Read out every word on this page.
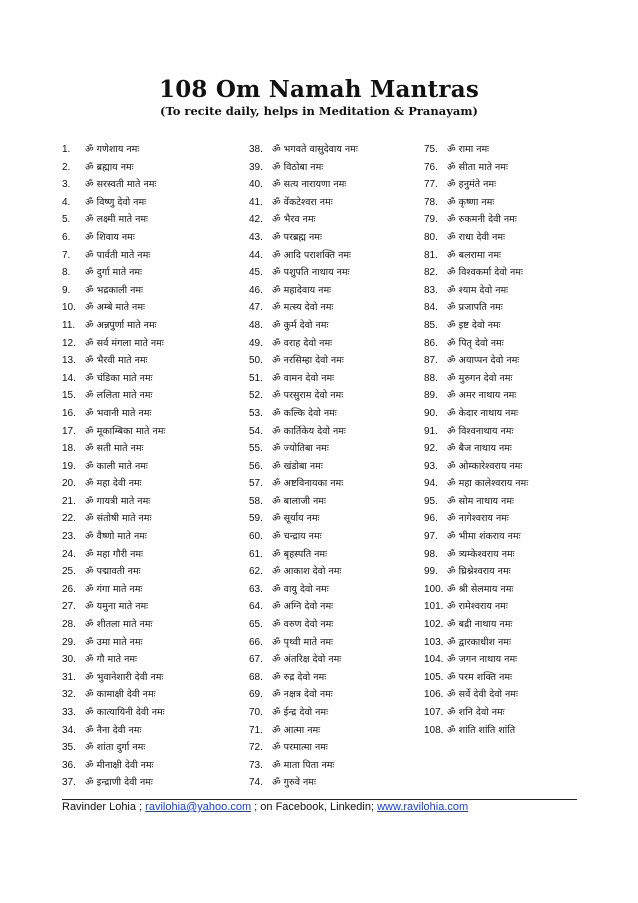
108 Om Namah Mantras
(To recite daily, helps in Meditation & Pranayam)
1.	ॐ गणेशाय नमः
2.	ॐ ब्रह्माय नमः
3.	ॐ सरस्वती माते नमः
4.	ॐ विष्णु देवो नमः
5.	ॐ लक्ष्मी माते नमः
6.	ॐ शिवाय नमः
7.	ॐ पार्वती माते नमः
8.	ॐ दुर्गा माते नमः
9.	ॐ भद्रकाली नमः
10. ॐ अम्बे माते नमः
11.	ॐ अन्नपुर्णा माते नमः
12. ॐ सर्व मंगला माते नमः
13. ॐ भैरवी माते नमः
14. ॐ चंडिका माते नमः
15. ॐ ललिता माते नमः
16. ॐ भवानी माते नमः
17. ॐ मूकाम्बिका माते नमः
18. ॐ सती माते नमः
19. ॐ काली माते नमः
20. ॐ महा देवी नमः
21. ॐ गायत्री माते नमः
22. ॐ संतोषी माते नमः
23. ॐ वैष्णो माते नमः
24. ॐ महा गौरी नमः
25. ॐ पद्मावती नमः
26. ॐ गंगा माते नमः
27. ॐ यमुना माते नमः
28. ॐ शीतला माते नमः
29. ॐ उमा माते नमः
30. ॐ गौ माते नमः
31. ॐ भुवानेशारी देवी नमः
32. ॐ कामाक्षी देवी नमः
33. ॐ कात्यायिनी देवी नमः
34. ॐ नैना देवी नमः
35. ॐ शांता दुर्गा नमः
36. ॐ मीनाक्षी देवी नमः
37. ॐ इन्द्राणी देवी नमः
38. ॐ भगवते वासुदेवाय नमः
39. ॐ विठोबा नमः
40. ॐ सत्य नारायणा नमः
41. ॐ वेंकटेश्वरा नमः
42. ॐ भैरव नमः
43. ॐ परब्रह्म नमः
44. ॐ आदि पराशक्ति नमः
45. ॐ पशुपति नाथाय नमः
46. ॐ महादेवाय नमः
47. ॐ मत्स्य देवो नमः
48. ॐ कुर्म देवो नमः
49. ॐ वराह देवो नमः
50. ॐ नरसिम्हा देवो नमः
51. ॐ वामन देवो नमः
52. ॐ परसुराम देवो नमः
53. ॐ कल्कि देवो नमः
54. ॐ कार्तिकेय देवो नमः
55. ॐ ज्योतिबा नमः
56. ॐ खंडोबा नमः
57. ॐ अष्टविनायका नमः
58. ॐ बालाजी नमः
59. ॐ सूर्याय नमः
60. ॐ चन्द्राय नमः
61. ॐ बृहस्पति नमः
62. ॐ आकाश देवो नमः
63. ॐ वायु देवो नमः
64. ॐ अग्नि देवो नमः
65. ॐ वरुण देवो नमः
66. ॐ पृथ्वी माते नमः
67. ॐ अंतरिक्ष देवो नमः
68. ॐ रुद्र देवो नमः
69. ॐ नक्षत्र देवो नमः
70. ॐ ईन्द्र देवो नमः
71. ॐ आत्मा नमः
72. ॐ परमात्मा नमः
73. ॐ माता पिता नमः
74. ॐ गुरुवे नमः
75. ॐ रामा नमः
76. ॐ सीता माते नमः
77. ॐ हनुमंते नमः
78. ॐ कृष्णा नमः
79. ॐ रुकमनी देवी नमः
80. ॐ राधा देवी नमः
81. ॐ बलरामा नमः
82. ॐ विश्वकर्मा देवो नमः
83. ॐ श्याम देवो नमः
84. ॐ प्रजापति नमः
85. ॐ इष्ट देवो नमः
86. ॐ पितृ देवो नमः
87. ॐ अयाप्पन देवो नमः
88. ॐ मुरुगन देवो नमः
89. ॐ अमर नाथाय नमः
90. ॐ केदार नाथाय नमः
91. ॐ विश्वनाथाय नमः
92. ॐ बैज नाथाय नमः
93. ॐ ओम्कारेश्वराय नमः
94. ॐ महा कालेश्वराय नमः
95. ॐ सोम नाथाय नमः
96. ॐ नागेश्वराय नमः
97. ॐ भीमा शंकराय नमः
98. ॐ त्र्यम्केश्वराय नमः
99. ॐ घ्रिश्नेश्वराय नमः
100. ॐ श्री सेलमाय नमः
101. ॐ रामेश्वराय नमः
102. ॐ बद्री नाथाय नमः
103. ॐ द्वारकाधीश नमः
104. ॐ जगन नाथाय नमः
105. ॐ परम शक्ति नमः
106. ॐ सर्वे देवी देवो नमः
107. ॐ शनि देवो नमः
108. ॐ शांति शांति शांति
Ravinder Lohia ; ravilohia@yahoo.com ; on Facebook, Linkedin; www.ravilohia.com
